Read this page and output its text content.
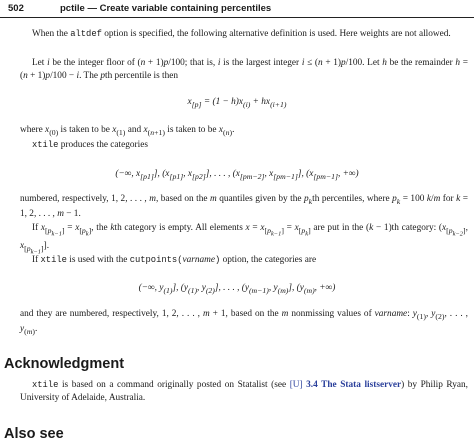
502	pctile — Create variable containing percentiles
When the altdef option is specified, the following alternative definition is used. Here weights are not allowed.
Let i be the integer floor of (n + 1)p/100; that is, i is the largest integer i ≤ (n + 1)p/100. Let h be the remainder h = (n + 1)p/100 − i. The pth percentile is then
$x_{[p]} = (1 - h)x_{(i)} + hx_{(i+1)}$
where $x_{(0)}$ is taken to be $x_{(1)}$ and $x_{(n+1)}$ is taken to be $x_{(n)}$.
xtile produces the categories
(−∞, $x_{[p1]}$], ($x_{[p1]}$, $x_{[p2]}$], . . . , ($x_{[pm-2]}$, $x_{[pm-1]}$], ($x_{[pm-1]}$, +∞)
numbered, respectively, 1, 2, . . . , m, based on the m quantiles given by the $p_kth$ percentiles, where $p_k = 100$ k/m for k = 1, 2, . . . , m − 1.
If $x_{[p_{k-1}]} = x_{[p_k]}$, the kth category is empty. All elements $x = x_{[p_{k-1}]} = x_{[p_k]}$ are put in the (k − 1)th category: ($x_{[p_{k-2}]}$, $x_{[p_{k-1}]}$].
If xtile is used with the cutpoints(varname) option, the categories are
(−∞, $y_{(1)}$], ($y_{(1)}$, $y_{(2)}$], . . . , ($y_{(m-1)}$, $y_{(m)}$], ($y_{(m)}$, +∞)
and they are numbered, respectively, 1, 2, . . . , m + 1, based on the m nonmissing values of varname: $y_{(1)}$, $y_{(2)}$, . . . , $y_{(m)}$.
Acknowledgment
xtile is based on a command originally posted on Statalist (see [U] 3.4 The Stata listserver) by Philip Ryan, University of Adelaide, Australia.
Also see
